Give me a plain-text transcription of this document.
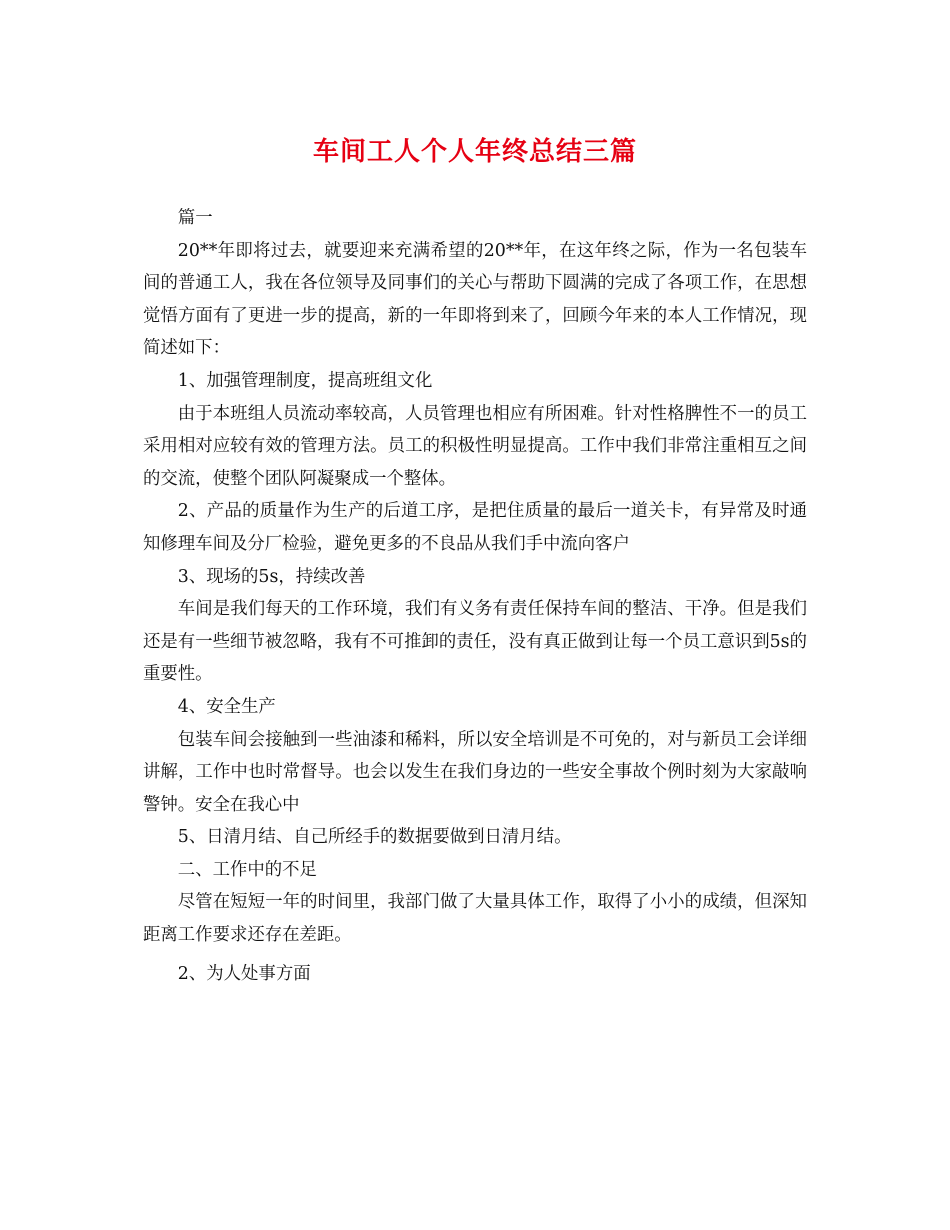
车间工人个人年终总结三篇

篇一

20**年即将过去，就要迎来充满希望的20**年，在这年终之际，作为一名包装车间的普通工人，我在各位领导及同事们的关心与帮助下圆满的完成了各项工作，在思想觉悟方面有了更进一步的提高，新的一年即将到来了，回顾今年来的本人工作情况，现简述如下：

1、加强管理制度，提高班组文化

由于本班组人员流动率较高，人员管理也相应有所困难。针对性格脾性不一的员工采用相对应较有效的管理方法。员工的积极性明显提高。工作中我们非常注重相互之间的交流，使整个团队阿凝聚成一个整体。

2、产品的质量作为生产的后道工序，是把住质量的最后一道关卡，有异常及时通知修理车间及分厂检验，避免更多的不良品从我们手中流向客户

3、现场的5s，持续改善

车间是我们每天的工作环境，我们有义务有责任保持车间的整洁、干净。但是我们还是有一些细节被忽略，我有不可推卸的责任，没有真正做到让每一个员工意识到5s的重要性。

4、安全生产

包装车间会接触到一些油漆和稀料，所以安全培训是不可免的，对与新员工会详细讲解，工作中也时常督导。也会以发生在我们身边的一些安全事故个例时刻为大家敲响警钟。安全在我心中

5、日清月结、自己所经手的数据要做到日清月结。

二、工作中的不足

尽管在短短一年的时间里，我部门做了大量具体工作，取得了小小的成绩，但深知距离工作要求还存在差距。

2、为人处事方面
